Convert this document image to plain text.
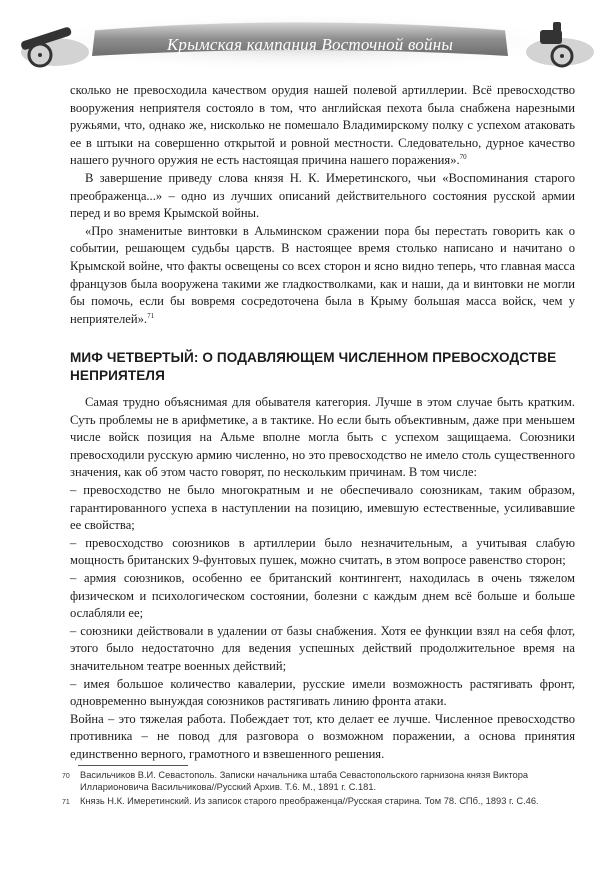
Крымская кампания Восточной войны

сколько не превосходила качеством орудия нашей полевой артиллерии. Всё превосходство вооружения неприятеля состояло в том, что английская пехота была снабжена нарезными ружьями, что, однако же, нисколько не помешало Владимирскому полку с успехом атаковать ее в штыки на совершенно открытой и ровной местности. Следовательно, дурное качество нашего ручного оружия не есть настоящая причина нашего поражения».$^{70}$

В завершение приведу слова князя Н. К. Имеретинского, чьи «Воспоминания старого преображенца...» – одно из лучших описаний действительного состояния русской армии перед и во время Крымской войны.

«Про знаменитые винтовки в Альминском сражении пора бы перестать говорить как о событии, решающем судьбы царств. В настоящее время столько написано и начитано о Крымской войне, что факты освещены со всех сторон и ясно видно теперь, что главная масса французов была вооружена такими же гладкостволками, как и наши, да и винтовки не могли бы помочь, если бы вовремя сосредоточена была в Крыму большая масса войск, чем у неприятелей».$^{71}$

МИФ ЧЕТВЕРТЫЙ: О ПОДАВЛЯЮЩЕМ ЧИСЛЕННОМ ПРЕВОСХОДСТВЕ НЕПРИЯТЕЛЯ

Самая трудно объяснимая для обывателя категория. Лучше в этом случае быть кратким. Суть проблемы не в арифметике, а в тактике. Но если быть объективным, даже при меньшем числе войск позиция на Альме вполне могла быть с успехом защищаема. Союзники превосходили русскую армию численно, но это превосходство не имело столь существенного значения, как об этом часто говорят, по нескольким причинам. В том числе:

– превосходство не было многократным и не обеспечивало союзникам, таким образом, гарантированного успеха в наступлении на позицию, имевшую естественные, усиливавшие ее свойства;

– превосходство союзников в артиллерии было незначительным, а учитывая слабую мощность британских 9-фунтовых пушек, можно считать, в этом вопросе равенство сторон;

– армия союзников, особенно ее британский контингент, находилась в очень тяжелом физическом и психологическом состоянии, болезни с каждым днем всё больше и больше ослабляли ее;

– союзники действовали в удалении от базы снабжения. Хотя ее функции взял на себя флот, этого было недостаточно для ведения успешных действий продолжительное время на значительном театре военных действий;

– имея большое количество кавалерии, русские имели возможность растягивать фронт, одновременно вынуждая союзников растягивать линию фронта атаки.

Война – это тяжелая работа. Побеждает тот, кто делает ее лучше. Численное превосходство противника – не повод для разговора о возможном поражении, а основа принятия единственно верного, грамотного и взвешенного решения.

70	Васильчиков В.И. Севастополь. Записки начальника штаба Севастопольского гарнизона князя Виктора Илларионовича Васильчикова//Русский Архив. Т.6. М., 1891 г. С.181.
71	Князь Н.К. Имеретинский. Из записок старого преображенца//Русская старина. Том 78. СПб., 1893 г. С.46.
